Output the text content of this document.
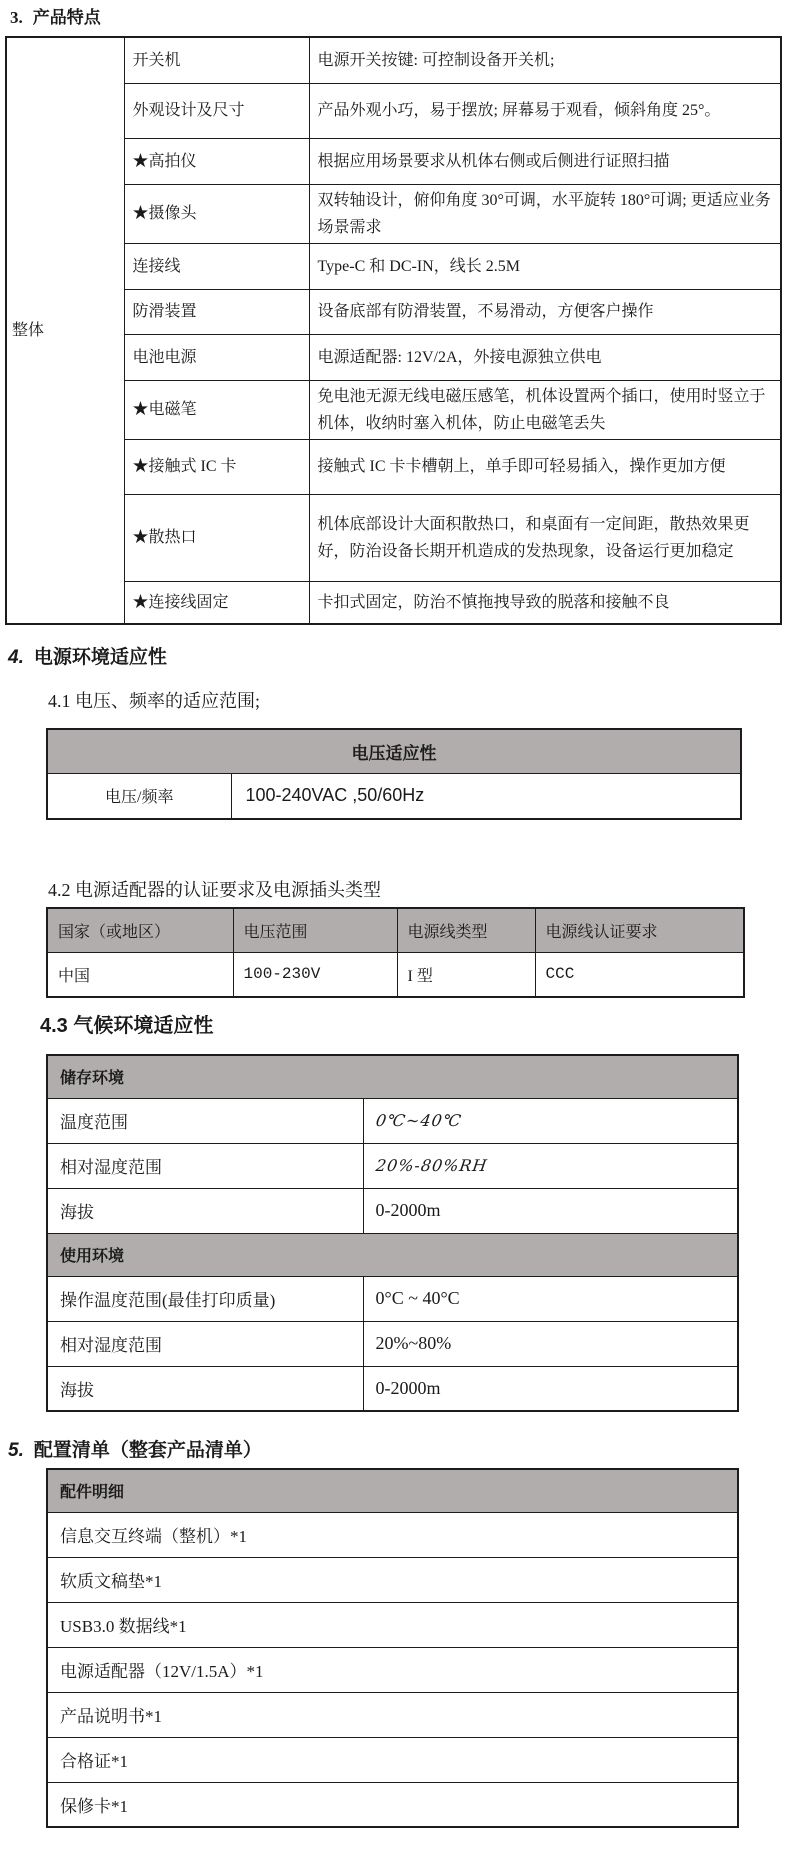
3. 产品特点
整体	开关机	电源开关按键: 可控制设备开关机;
	外观设计及尺寸	产品外观小巧，易于摆放; 屏幕易于观看，倾斜角度 25°。
	★高拍仪	根据应用场景要求从机体右侧或后侧进行证照扫描
	★摄像头	双转轴设计，俯仰角度 30°可调，水平旋转 180°可调; 更适应业务场景需求
	连接线	Type-C 和 DC-IN，线长 2.5M
	防滑装置	设备底部有防滑装置，不易滑动，方便客户操作
	电池电源	电源适配器: 12V/2A，外接电源独立供电
	★电磁笔	免电池无源无线电磁压感笔，机体设置两个插口，使用时竖立于机体，收纳时塞入机体，防止电磁笔丢失
	★接触式 IC 卡	接触式 IC 卡卡槽朝上，单手即可轻易插入，操作更加方便
	★散热口	机体底部设计大面积散热口，和桌面有一定间距，散热效果更好，防治设备长期开机造成的发热现象，设备运行更加稳定
	★连接线固定	卡扣式固定，防治不慎拖拽导致的脱落和接触不良
4. 电源环境适应性
4.1 电压、频率的适应范围;
电压适应性
电压/频率	100-240VAC ,50/60Hz
4.2 电源适配器的认证要求及电源插头类型
国家（或地区）	电压范围	电源线类型	电源线认证要求
中国	100-230V	I 型	CCC
4.3 气候环境适应性
储存环境	
温度范围	0℃~40℃
相对湿度范围	20%-80%RH
海拔	0-2000m
使用环境	
操作温度范围(最佳打印质量)	0°C ~ 40°C
相对湿度范围	20%~80%
海拔	0-2000m
5. 配置清单（整套产品清单）
配件明细
信息交互终端（整机）*1
软质文稿垫*1
USB3.0 数据线*1
电源适配器（12V/1.5A）*1
产品说明书*1
合格证*1
保修卡*1
